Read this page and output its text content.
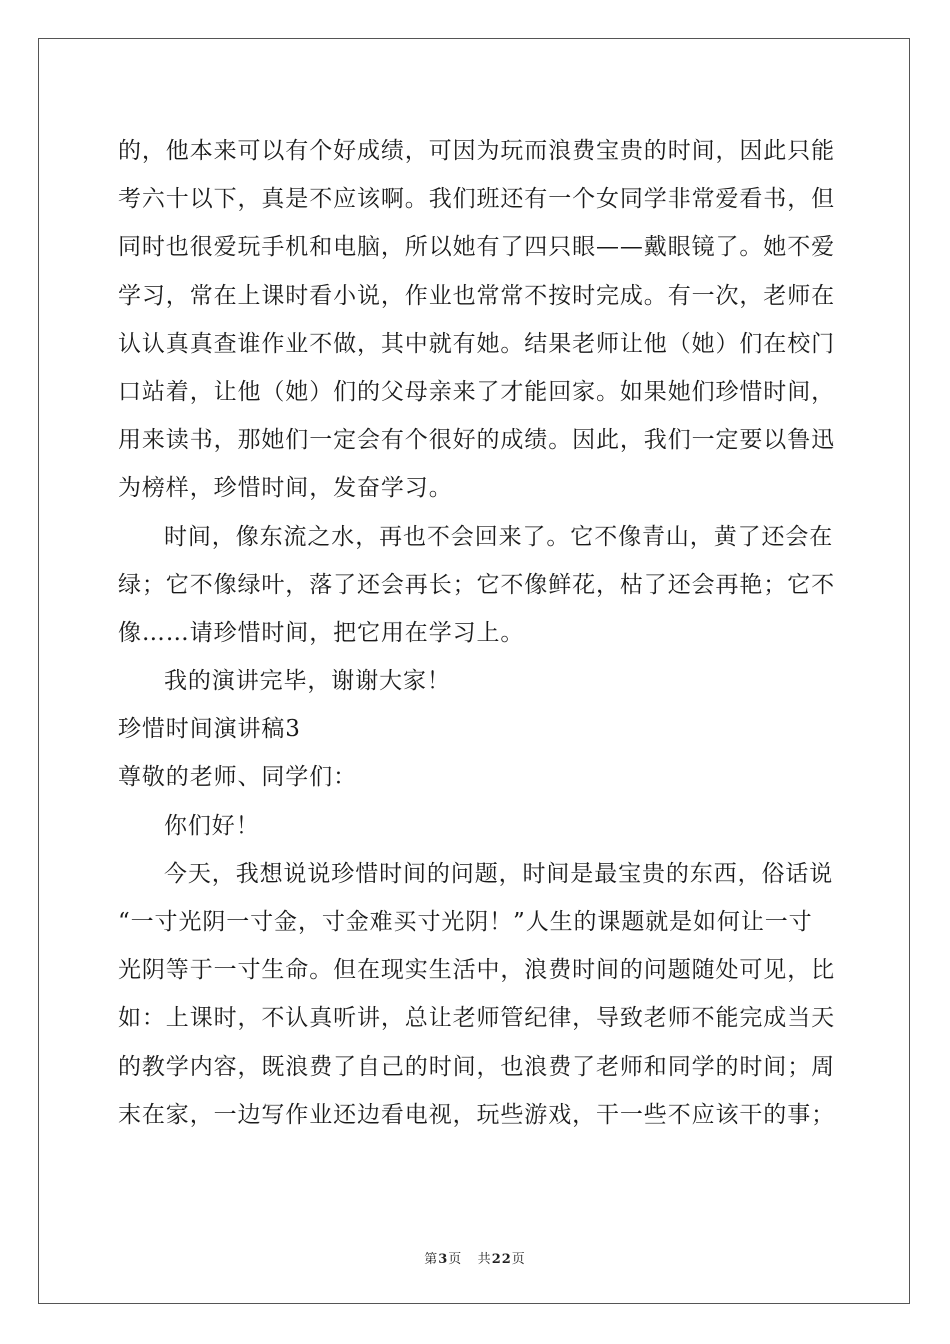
的，他本来可以有个好成绩，可因为玩而浪费宝贵的时间，因此只能
考六十以下，真是不应该啊。我们班还有一个女同学非常爱看书，但
同时也很爱玩手机和电脑，所以她有了四只眼——戴眼镜了。她不爱
学习，常在上课时看小说，作业也常常不按时完成。有一次，老师在
认认真真查谁作业不做，其中就有她。结果老师让他（她）们在校门
口站着，让他（她）们的父母亲来了才能回家。如果她们珍惜时间，
用来读书，那她们一定会有个很好的成绩。因此，我们一定要以鲁迅
为榜样，珍惜时间，发奋学习。
时间，像东流之水，再也不会回来了。它不像青山，黄了还会在
绿；它不像绿叶，落了还会再长；它不像鲜花，枯了还会再艳；它不
像……请珍惜时间，把它用在学习上。
我的演讲完毕，谢谢大家！
珍惜时间演讲稿3
尊敬的老师、同学们：
你们好！
今天，我想说说珍惜时间的问题，时间是最宝贵的东西，俗话说
“一寸光阴一寸金，寸金难买寸光阴！”人生的课题就是如何让一寸
光阴等于一寸生命。但在现实生活中，浪费时间的问题随处可见，比
如：上课时，不认真听讲，总让老师管纪律，导致老师不能完成当天
的教学内容，既浪费了自己的时间，也浪费了老师和同学的时间；周
末在家，一边写作业还边看电视，玩些游戏，干一些不应该干的事；
第3页 共22页
